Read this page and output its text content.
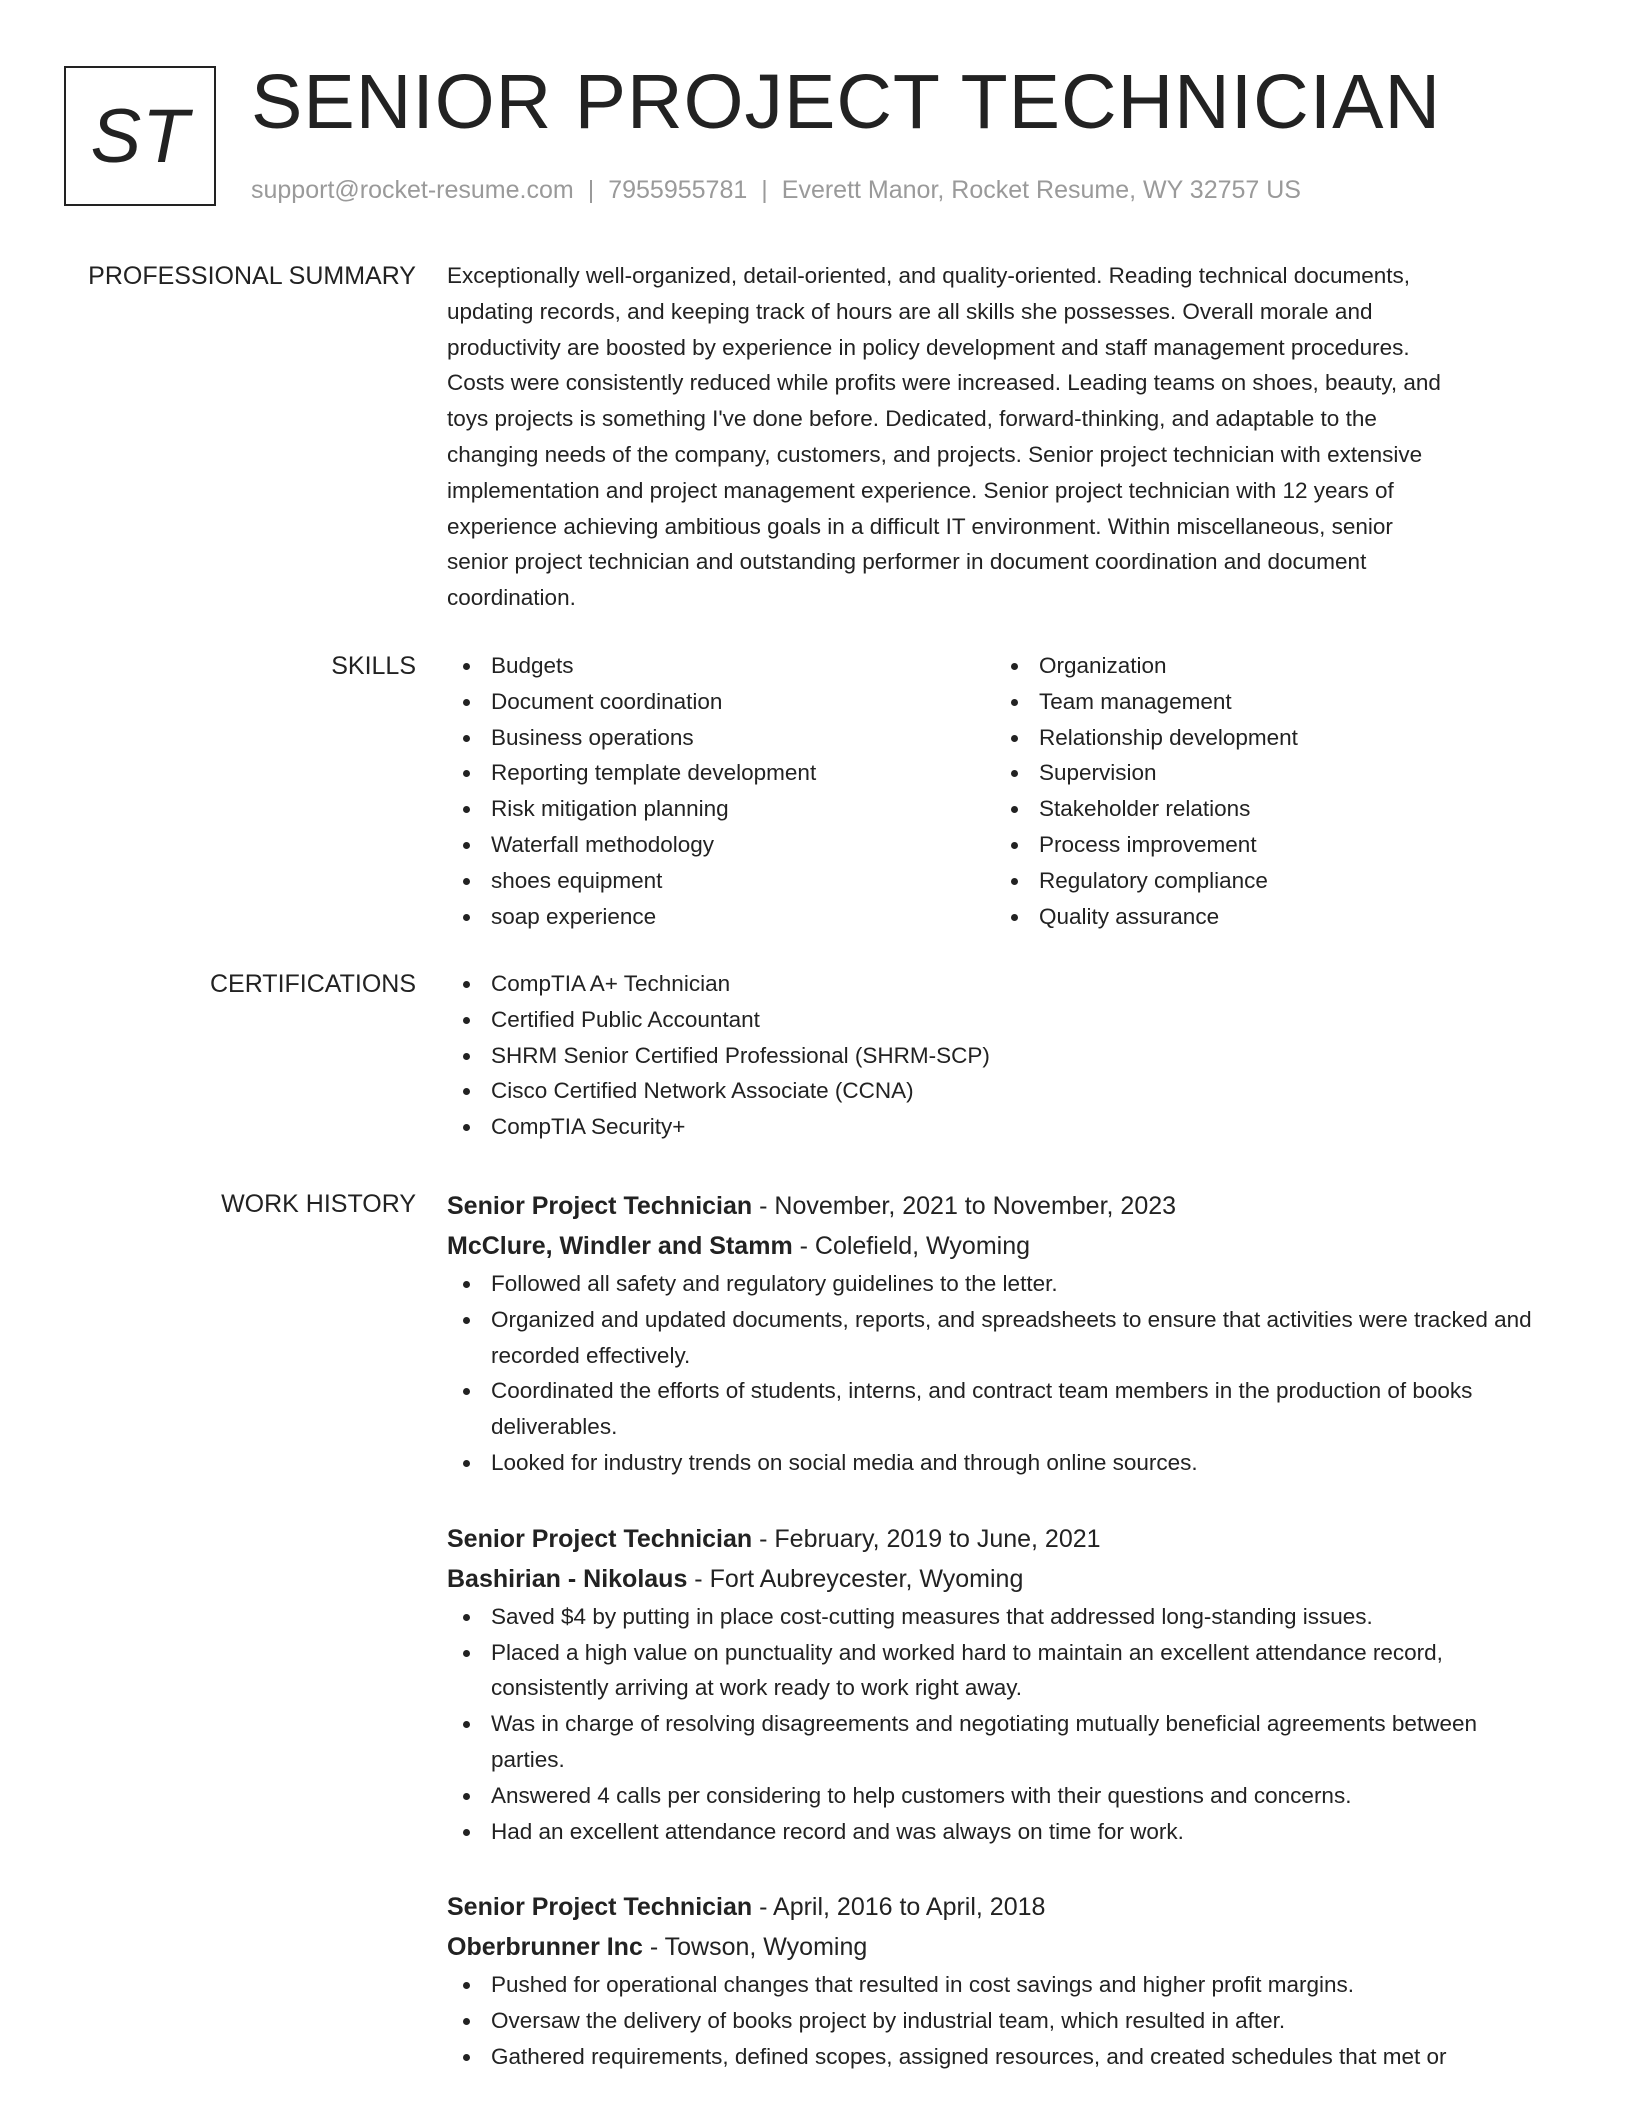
ST SENIOR PROJECT TECHNICIAN
support@rocket-resume.com | 7955955781 | Everett Manor, Rocket Resume, WY 32757 US
PROFESSIONAL SUMMARY Exceptionally well-organized, detail-oriented, and quality-oriented. Reading technical documents,
updating records, and keeping track of hours are all skills she possesses. Overall morale and
productivity are boosted by experience in policy development and staff management procedures.
Costs were consistently reduced while profits were increased. Leading teams on shoes, beauty, and
toys projects is something I've done before. Dedicated, forward-thinking, and adaptable to the
changing needs of the company, customers, and projects. Senior project technician with extensive
implementation and project management experience. Senior project technician with 12 years of
experience achieving ambitious goals in a difficult IT environment. Within miscellaneous, senior
senior project technician and outstanding performer in document coordination and document
coordination.
SKILLS	Budgets
Document coordination
Business operations
Reporting template development
Risk mitigation planning
Waterfall methodology
shoes equipment
soap experience
Organization
Team management
Relationship development
Supervision
Stakeholder relations
Process improvement
Regulatory compliance
Quality assurance
CERTIFICATIONS	CompTIA A+ Technician
Certified Public Accountant
SHRM Senior Certified Professional (SHRM-SCP)
Cisco Certified Network Associate (CCNA)
CompTIA Security+
WORK HISTORY Senior Project Technician - November, 2021 to November, 2023
McClure, Windler and Stamm - Colefield, Wyoming
Followed all safety and regulatory guidelines to the letter.
Organized and updated documents, reports, and spreadsheets to ensure that activities were tracked and recorded effectively.
Coordinated the efforts of students, interns, and contract team members in the production of books deliverables.
Looked for industry trends on social media and through online sources.
Senior Project Technician - February, 2019 to June, 2021
Bashirian - Nikolaus - Fort Aubreycester, Wyoming
Saved $4 by putting in place cost-cutting measures that addressed long-standing issues.
Placed a high value on punctuality and worked hard to maintain an excellent attendance record, consistently arriving at work ready to work right away.
Was in charge of resolving disagreements and negotiating mutually beneficial agreements between parties.
Answered 4 calls per considering to help customers with their questions and concerns.
Had an excellent attendance record and was always on time for work.
Senior Project Technician - April, 2016 to April, 2018
Oberbrunner Inc - Towson, Wyoming
Pushed for operational changes that resulted in cost savings and higher profit margins.
Oversaw the delivery of books project by industrial team, which resulted in after.
Gathered requirements, defined scopes, assigned resources, and created schedules that met or
